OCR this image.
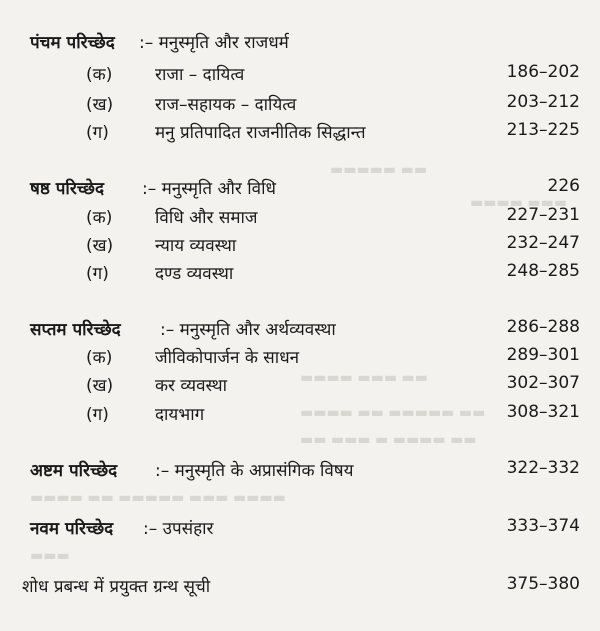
▬▬▬▬▬ ▬▬
▬▬▬▬ ▬▬▬
▬▬▬▬ ▬▬▬ ▬▬
▬▬▬▬ ▬▬ ▬▬▬▬▬ ▬▬
▬▬ ▬▬▬ ▬ ▬▬▬▬ ▬▬
▬▬▬▬ ▬▬ ▬▬▬▬▬ ▬▬▬ ▬▬▬▬
▬▬▬
पंचम परिच्छेद :– मनुस्मृति और राजधर्म
(क)	राजा – दायित्व	186–202
(ख) राज–सहायक – दायित्व	203–212
(ग)	मनु प्रतिपादित राजनीतिक सिद्धान्त	213–225
षष्ठ परिच्छेद :– मनुस्मृति और विधि	226
(क)	विधि और समाज	227–231
(ख) न्याय व्यवस्था	232–247
(ग)	दण्ड व्यवस्था	248–285
सप्तम परिच्छेद :– मनुस्मृति और अर्थव्यवस्था	286–288
(क)	जीविकोपार्जन के साधन	289–301
(ख) कर व्यवस्था	302–307
(ग)	दायभाग	308–321
अष्टम परिच्छेद :– मनुस्मृति के अप्रासंगिक विषय	322–332
नवम परिच्छेद :– उपसंहार	333–374
शोध प्रबन्ध में प्रयुक्त ग्रन्थ सूची	375–380
